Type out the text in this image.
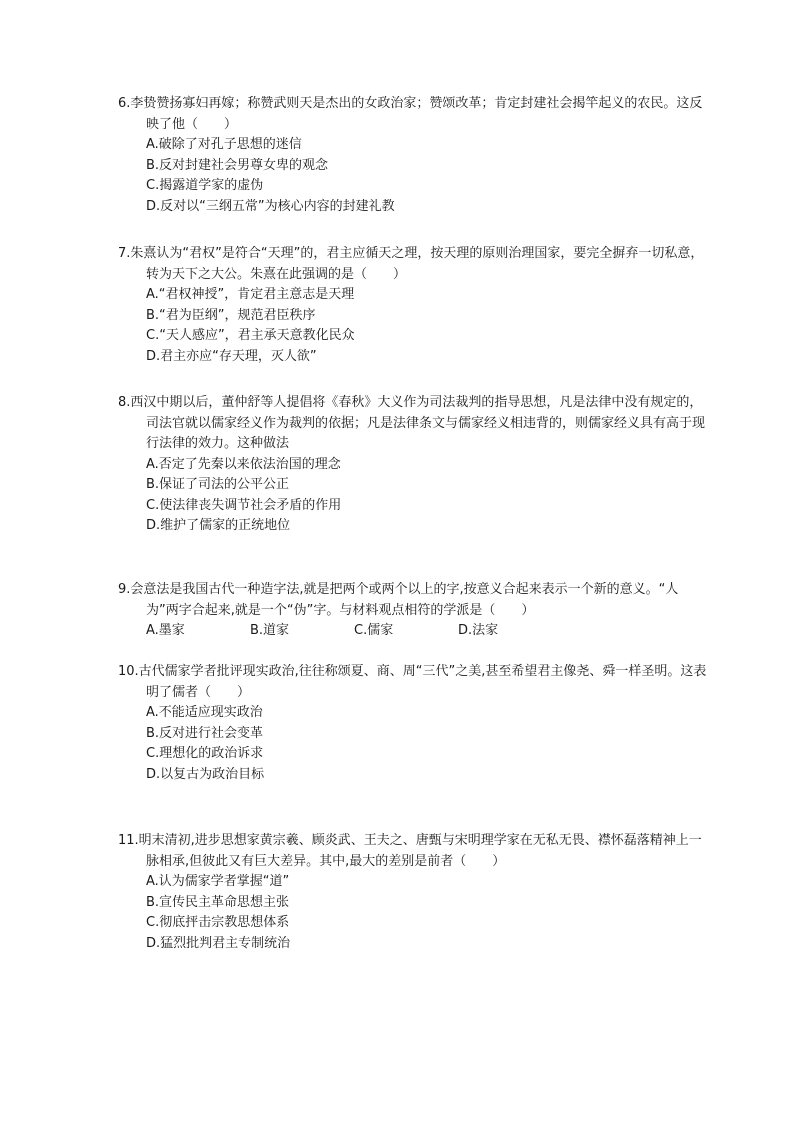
6.李贽赞扬寡妇再嫁；称赞武则天是杰出的女政治家；赞颂改革；肯定封建社会揭竿起义的农民。这反映了他（　　）

A.破除了对孔子思想的迷信
B.反对封建社会男尊女卑的观念
C.揭露道学家的虚伪
D.反对以“三纲五常”为核心内容的封建礼教

7.朱熹认为“君权”是符合“天理”的，君主应循天之理，按天理的原则治理国家，要完全摒弃一切私意，转为天下之大公。朱熹在此强调的是（　　）

A.“君权神授”，肯定君主意志是天理
B.“君为臣纲”，规范君臣秩序
C.“天人感应”，君主承天意教化民众
D.君主亦应“存天理，灭人欲”

8.西汉中期以后，董仲舒等人提倡将《春秋》大义作为司法裁判的指导思想，凡是法律中没有规定的，司法官就以儒家经义作为裁判的依据；凡是法律条文与儒家经义相违背的，则儒家经义具有高于现行法律的效力。这种做法

A.否定了先秦以来依法治国的理念
B.保证了司法的公平公正
C.使法律丧失调节社会矛盾的作用
D.维护了儒家的正统地位

9.会意法是我国古代一种造字法,就是把两个或两个以上的字,按意义合起来表示一个新的意义。“人为”两字合起来,就是一个“伪”字。与材料观点相符的学派是（　　）

A.墨家	B.道家	C.儒家	D.法家

10.古代儒家学者批评现实政治,往往称颂夏、商、周“三代”之美,甚至希望君主像尧、舜一样圣明。这表明了儒者（　　）

A.不能适应现实政治
B.反对进行社会变革
C.理想化的政治诉求
D.以复古为政治目标

11.明末清初,进步思想家黄宗羲、顾炎武、王夫之、唐甄与宋明理学家在无私无畏、襟怀磊落精神上一脉相承,但彼此又有巨大差异。其中,最大的差别是前者（　　）

A.认为儒家学者掌握“道”
B.宣传民主革命思想主张
C.彻底抨击宗教思想体系
D.猛烈批判君主专制统治
